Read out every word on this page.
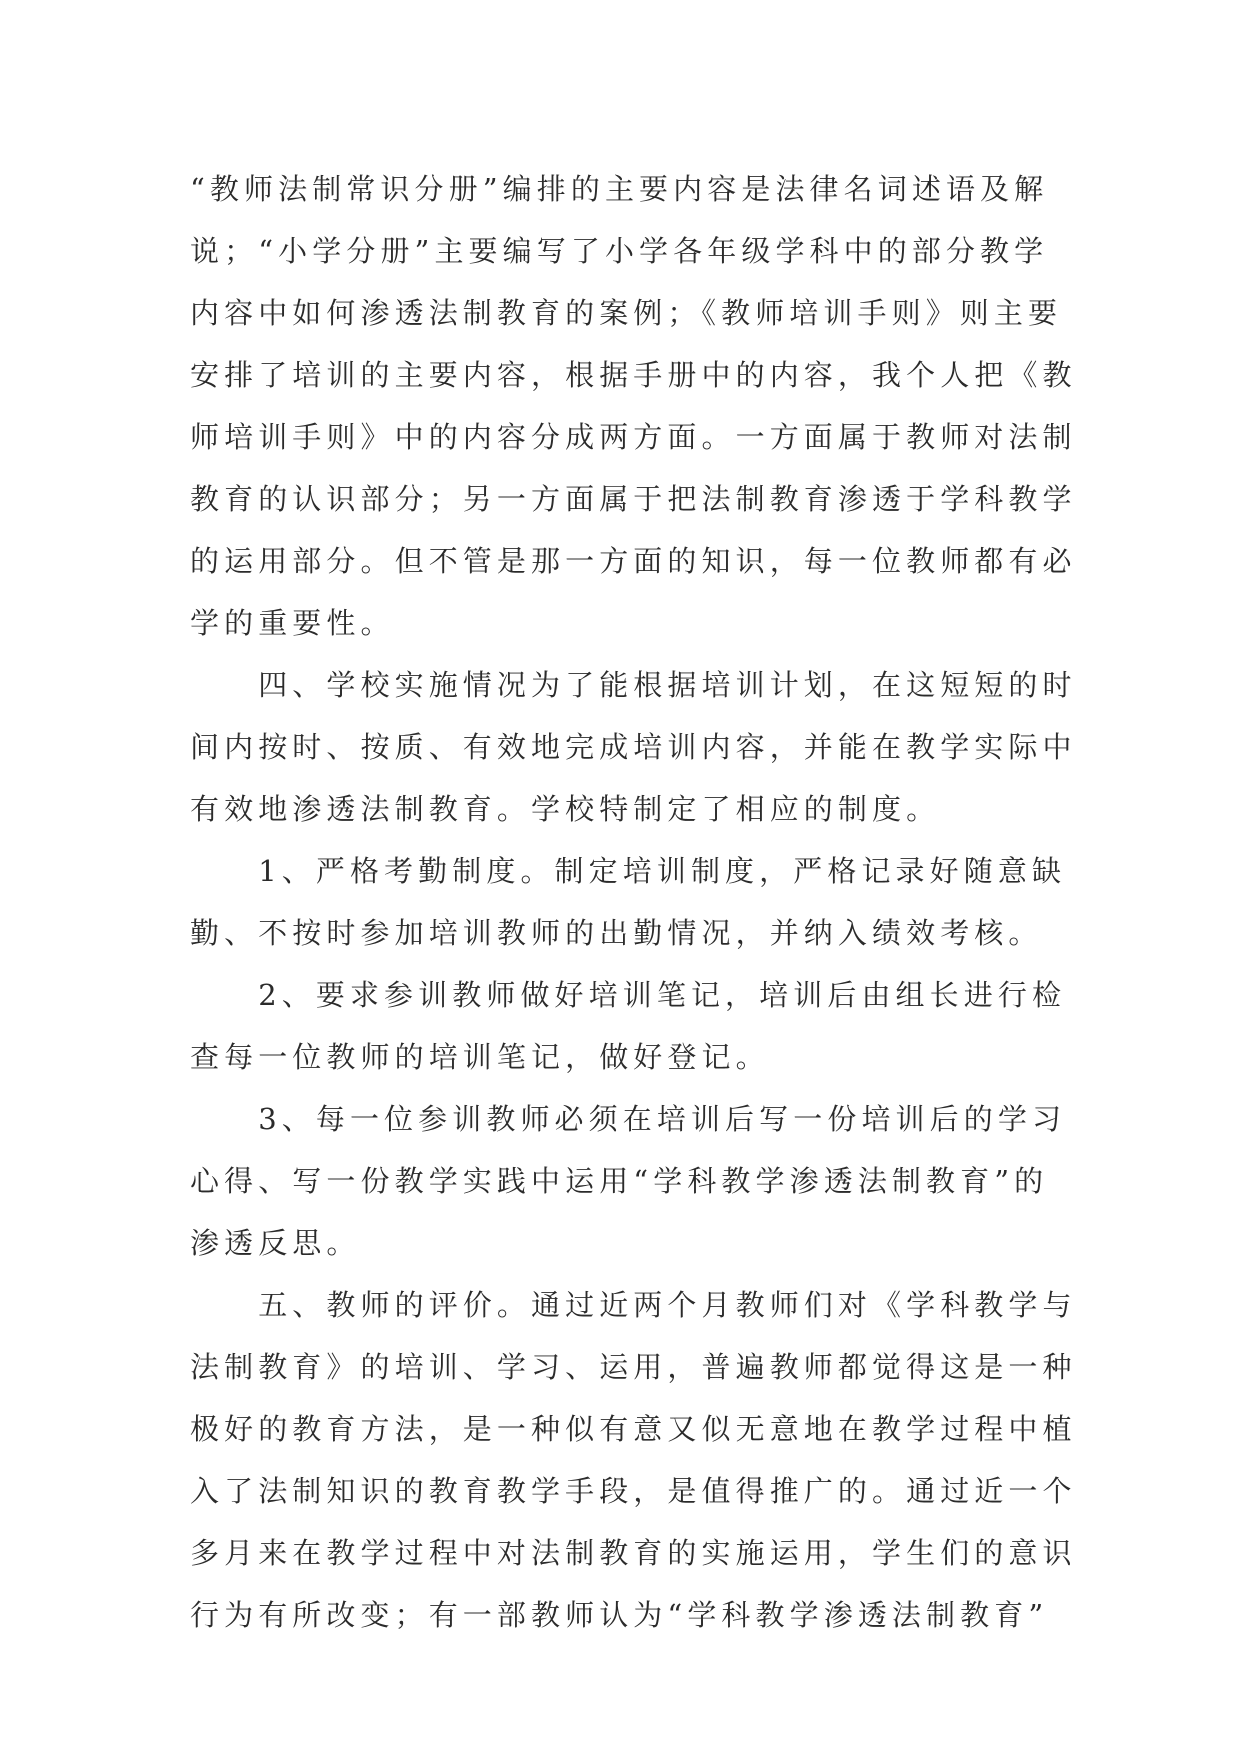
“教师法制常识分册”编排的主要内容是法律名词述语及解
说；“小学分册”主要编写了小学各年级学科中的部分教学
内容中如何渗透法制教育的案例；《教师培训手则》则主要
安排了培训的主要内容，根据手册中的内容，我个人把《教
师培训手则》中的内容分成两方面。一方面属于教师对法制
教育的认识部分；另一方面属于把法制教育渗透于学科教学
的运用部分。但不管是那一方面的知识，每一位教师都有必
学的重要性。
　　四、学校实施情况为了能根据培训计划，在这短短的时
间内按时、按质、有效地完成培训内容，并能在教学实际中
有效地渗透法制教育。学校特制定了相应的制度。
　　1、严格考勤制度。制定培训制度，严格记录好随意缺
勤、不按时参加培训教师的出勤情况，并纳入绩效考核。
　　2、要求参训教师做好培训笔记，培训后由组长进行检
查每一位教师的培训笔记，做好登记。
　　3、每一位参训教师必须在培训后写一份培训后的学习
心得、写一份教学实践中运用“学科教学渗透法制教育”的
渗透反思。
　　五、教师的评价。通过近两个月教师们对《学科教学与
法制教育》的培训、学习、运用，普遍教师都觉得这是一种
极好的教育方法，是一种似有意又似无意地在教学过程中植
入了法制知识的教育教学手段，是值得推广的。通过近一个
多月来在教学过程中对法制教育的实施运用，学生们的意识
行为有所改变；有一部教师认为“学科教学渗透法制教育”
